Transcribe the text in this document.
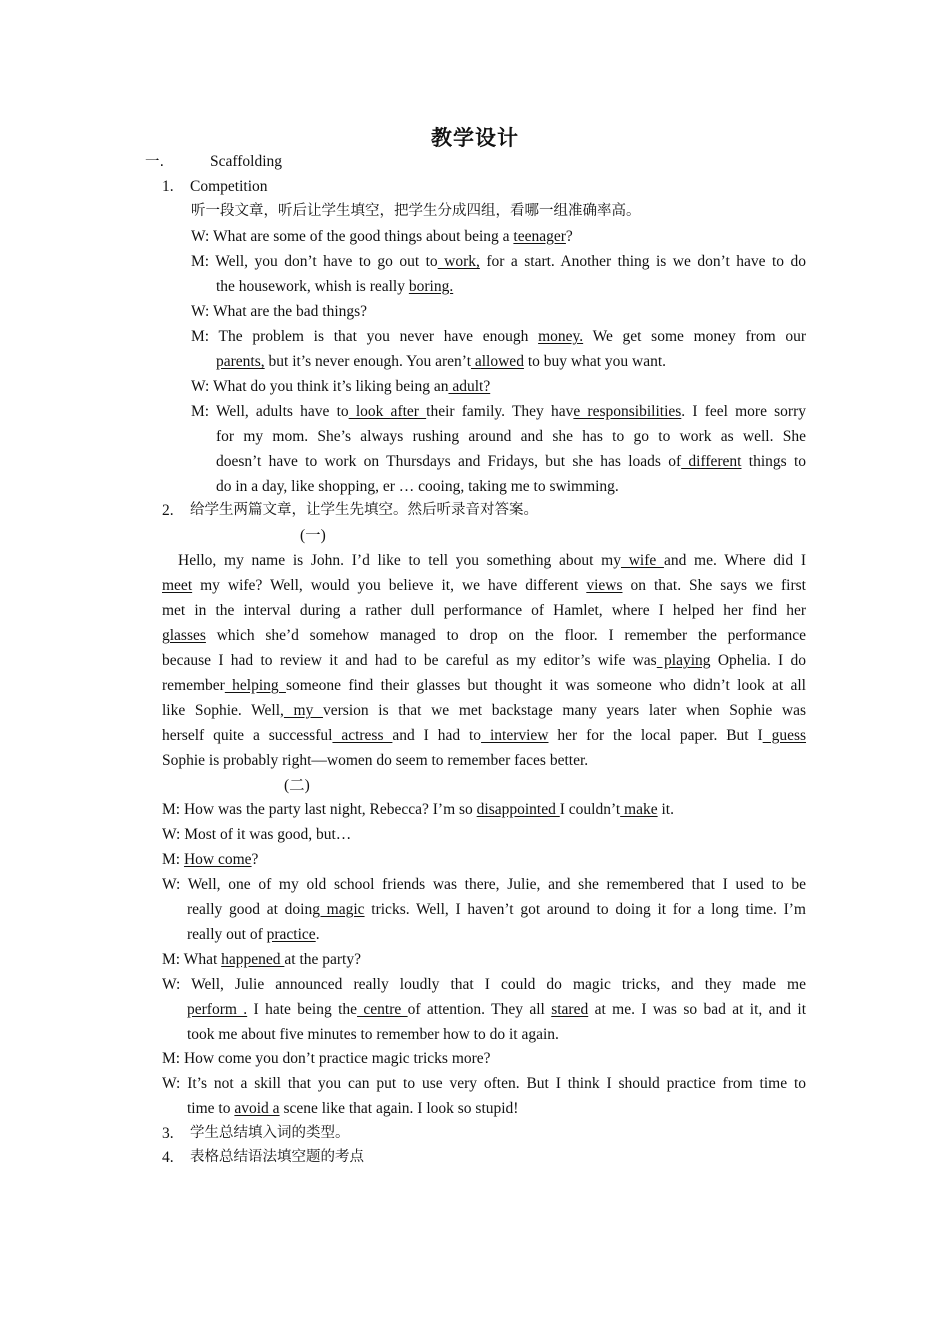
教学设计
一.	Scaffolding
1. Competition
听一段文章，听后让学生填空，把学生分成四组，看哪一组准确率高。
W: What are some of the good things about being a teenager?
M: Well, you don’t have to go out to work, for a start. Another thing is we don’t have to do
the housework, whish is really boring.
W: What are the bad things?
M: The problem is that you never have enough money. We get some money from our
parents, but it’s never enough. You aren’t allowed to buy what you want.
W: What do you think it’s liking being an adult?
M: Well, adults have to look after their family. They have responsibilities. I feel more sorry
for my mom. She’s always rushing around and she has to go to work as well. She
doesn’t have to work on Thursdays and Fridays, but she has loads of different things to
do in a day, like shopping, er … cooing, taking me to swimming.
2. 给学生两篇文章，让学生先填空。然后听录音对答案。
(一)
Hello, my name is John. I’d like to tell you something about my wife and me. Where did I
meet my wife? Well, would you believe it, we have different views on that. She says we first
met in the interval during a rather dull performance of Hamlet, where I helped her find her
glasses which she’d somehow managed to drop on the floor. I remember the performance
because I had to review it and had to be careful as my editor’s wife was playing Ophelia. I do
remember helping someone find their glasses but thought it was someone who didn’t look at all
like Sophie. Well, my version is that we met backstage many years later when Sophie was
herself quite a successful actress and I had to interview her for the local paper. But I guess
Sophie is probably right—women do seem to remember faces better.
(二)
M: How was the party last night, Rebecca? I’m so disappointed I couldn’t make it.
W: Most of it was good, but…
M: How come?
W: Well, one of my old school friends was there, Julie, and she remembered that I used to be
really good at doing magic tricks. Well, I haven’t got around to doing it for a long time. I’m
really out of practice.
M: What happened at the party?
W: Well, Julie announced really loudly that I could do magic tricks, and they made me
perform . I hate being the centre of attention. They all stared at me. I was so bad at it, and it
took me about five minutes to remember how to do it again.
M: How come you don’t practice magic tricks more?
W: It’s not a skill that you can put to use very often. But I think I should practice from time to
time to avoid a scene like that again. I look so stupid!
3. 学生总结填入词的类型。
4. 表格总结语法填空题的考点
